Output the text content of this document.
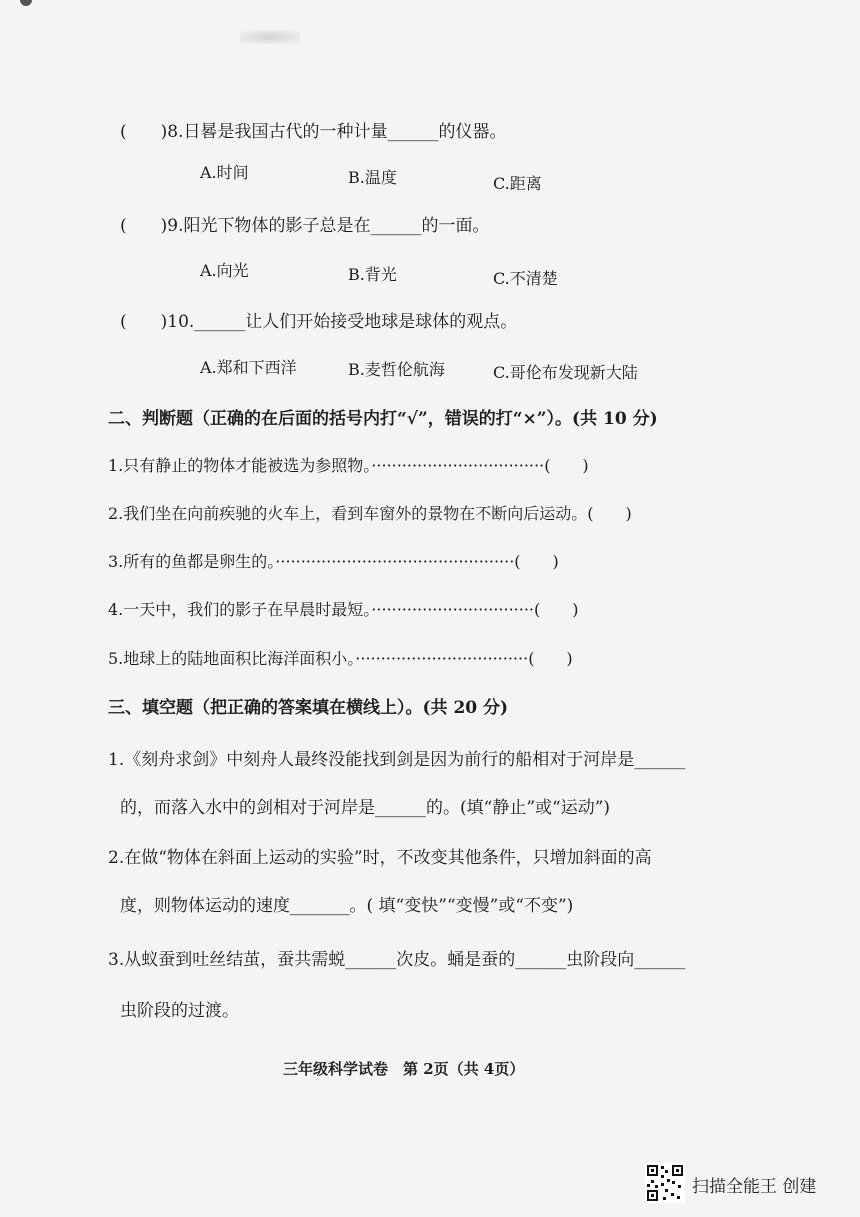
(　　)8.日晷是我国古代的一种计量______的仪器。
A.时间	B.温度	C.距离
(　　)9.阳光下物体的影子总是在______的一面。
A.向光	B.背光	C.不清楚
(　　)10.______让人们开始接受地球是球体的观点。
A.郑和下西洋	B.麦哲伦航海	C.哥伦布发现新大陆
二、判断题（正确的在后面的括号内打“√”，错误的打“×”）。(共 10 分)
1.只有静止的物体才能被选为参照物。··································(　　)
2.我们坐在向前疾驰的火车上，看到车窗外的景物在不断向后运动。(　　)
3.所有的鱼都是卵生的。···············································(　　)
4.一天中，我们的影子在早晨时最短。································(　　)
5.地球上的陆地面积比海洋面积小。··································(　　)
三、填空题（把正确的答案填在横线上）。(共 20 分)
1.《刻舟求剑》中刻舟人最终没能找到剑是因为前行的船相对于河岸是______
的，而落入水中的剑相对于河岸是______的。(填“静止”或“运动”)
2.在做“物体在斜面上运动的实验”时，不改变其他条件，只增加斜面的高
度，则物体运动的速度_______。( 填“变快”“变慢”或“不变”)
3.从蚁蚕到吐丝结茧，蚕共需蜕______次皮。蛹是蚕的______虫阶段向______
虫阶段的过渡。
三年级科学试卷　第 2页（共 4页）
扫描全能王 创建
